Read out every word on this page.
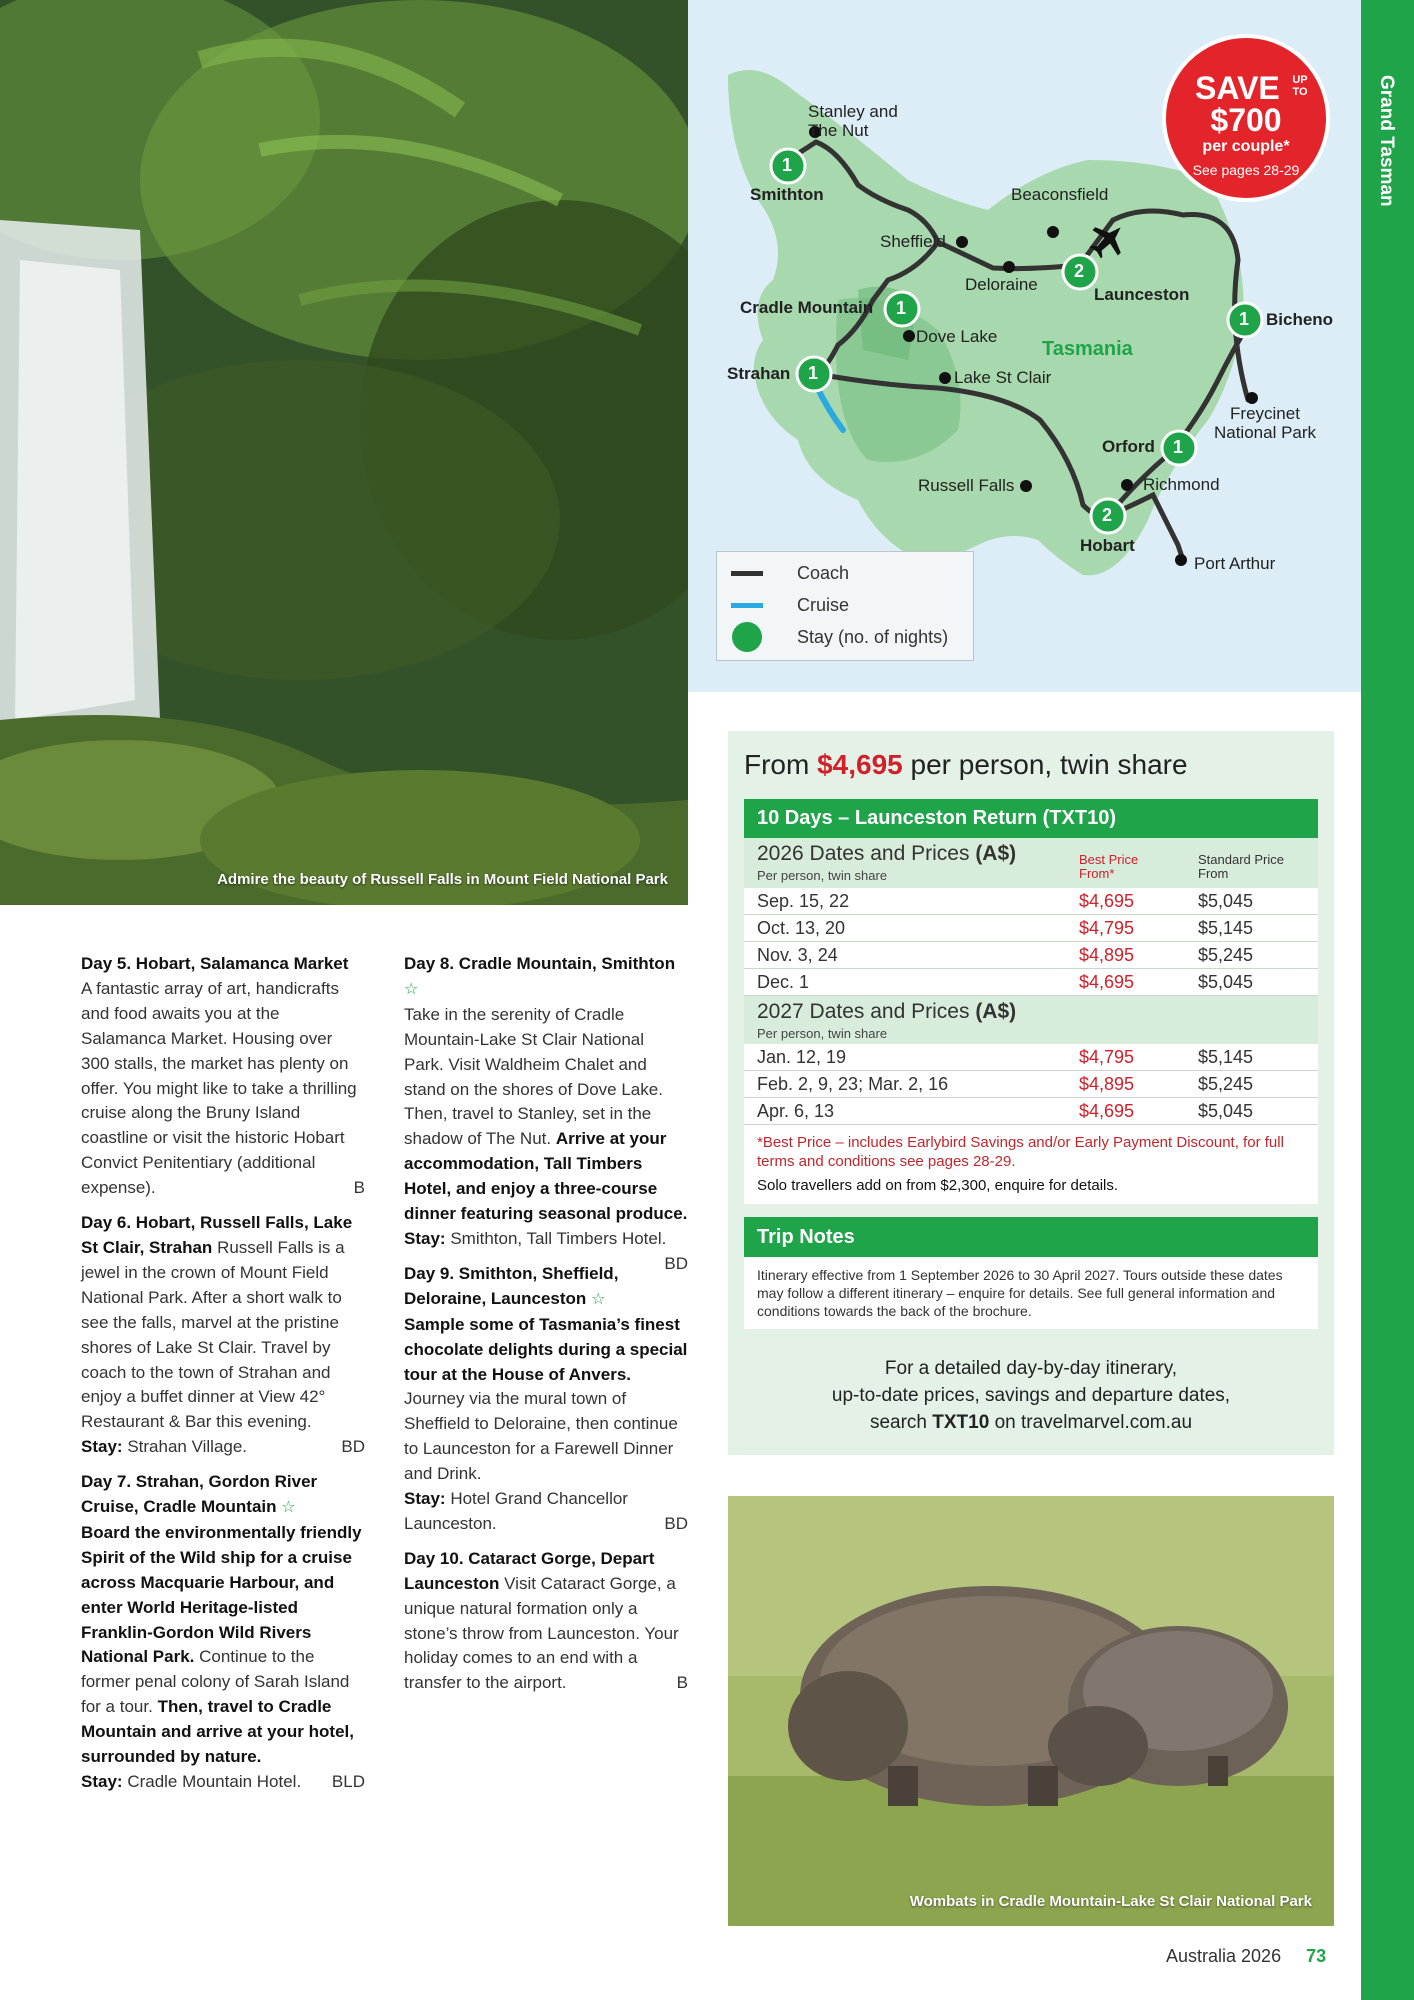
Admire the beauty of Russell Falls in Mount Field National Park
1
1
1
2
1
1
2
Stanley and The Nut
Smithton	Beaconsfield
Sheffield
Deloraine
Launceston
Cradle Mountain
Dove Lake
Tasmania
Bicheno
Strahan	Lake St Clair
Freycinet National Park
Orford
Richmond
Russell Falls
Hobart
Port Arthur
Coach
Cruise
Stay (no. of nights)
SAVE	UP TO
$700
per couple*
See pages 28-29	Grand Tasman
Day 5. Hobart, Salamanca Market
A fantastic array of art, handicrafts and food awaits you at the Salamanca Market. Housing over 300 stalls, the market has plenty on offer. You might like to take a thrilling cruise along the Bruny Island coastline or visit the historic Hobart Convict Penitentiary (additional expense).	B
Day 6. Hobart, Russell Falls, Lake St Clair, Strahan Russell Falls is a jewel in the crown of Mount Field National Park. After a short walk to see the falls, marvel at the pristine shores of Lake St Clair. Travel by coach to the town of Strahan and enjoy a buffet dinner at View 42° Restaurant & Bar this evening.
Stay: Strahan Village.	BD
Day 7. Strahan, Gordon River Cruise, Cradle Mountain ☆
Board the environmentally friendly Spirit of the Wild ship for a cruise across Macquarie Harbour, and enter World Heritage-listed Franklin-Gordon Wild Rivers National Park. Continue to the former penal colony of Sarah Island for a tour. Then, travel to Cradle Mountain and arrive at your hotel, surrounded by nature.
Stay: Cradle Mountain Hotel. BLD
Day 8. Cradle Mountain, Smithton ☆
Take in the serenity of Cradle Mountain-Lake St Clair National Park. Visit Waldheim Chalet and stand on the shores of Dove Lake. Then, travel to Stanley, set in the shadow of The Nut. Arrive at your accommodation, Tall Timbers Hotel, and enjoy a three-course dinner featuring seasonal produce.
Stay: Smithton, Tall Timbers Hotel.
BD
Day 9. Smithton, Sheffield, Deloraine, Launceston ☆
Sample some of Tasmania’s finest chocolate delights during a special tour at the House of Anvers. Journey via the mural town of Sheffield to Deloraine, then continue to Launceston for a Farewell Dinner and Drink.
Stay: Hotel Grand Chancellor Launceston.	BD
Day 10. Cataract Gorge, Depart Launceston Visit Cataract Gorge, a unique natural formation only a stone’s throw from Launceston. Your holiday comes to an end with a transfer to the airport.	B
From $4,695 per person, twin share
10 Days – Launceston Return (TXT10)
2026 Dates and Prices (A$)
Per person, twin share
Best Price From*
Standard Price From
Sep. 15, 22	$4,695	$5,045
Oct. 13, 20	$4,795	$5,145
Nov. 3, 24	$4,895	$5,245
Dec. 1	$4,695	$5,045
2027 Dates and Prices (A$)
Per person, twin share
Jan. 12, 19	$4,795	$5,145
Feb. 2, 9, 23; Mar. 2, 16	$4,895	$5,245
Apr. 6, 13	$4,695	$5,045
*Best Price – includes Earlybird Savings and/or Early Payment Discount, for full terms and conditions see pages 28-29.
Solo travellers add on from $2,300, enquire for details.
Trip Notes
Itinerary effective from 1 September 2026 to 30 April 2027. Tours outside these dates may follow a different itinerary – enquire for details. See full general information and conditions towards the back of the brochure.
For a detailed day-by-day itinerary,
up-to-date prices, savings and departure dates,
search TXT10 on travelmarvel.com.au
Wombats in Cradle Mountain-Lake St Clair National Park
Australia 2026 73
